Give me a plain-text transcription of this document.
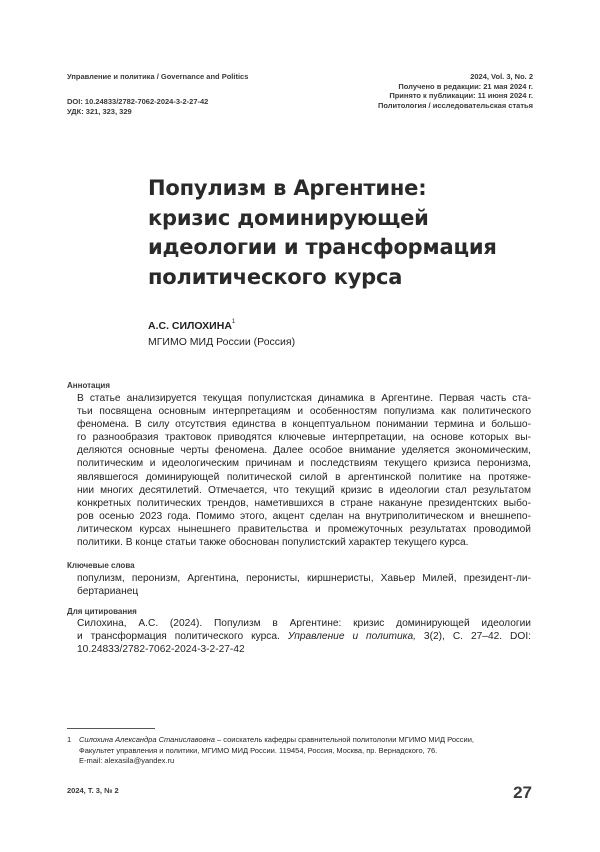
Управление и политика / Governance and Politics
DOI: 10.24833/2782-7062-2024-3-2-27-42
УДК: 321, 323, 329
2024, Vol. 3, No. 2
Получено в редакции: 21 мая 2024 г.
Принято к публикации: 11 июня 2024 г.
Политология / исследовательская статья
Популизм в Аргентине:
кризис доминирующей
идеологии и трансформация
политического курса
А.С. СИЛОХИНА$^1$
МГИМО МИД России (Россия)
Аннотация
В статье анализируется текущая популистская динамика в Аргентине. Первая часть ста-
тьи посвящена основным интерпретациям и особенностям популизма как политического
феномена. В силу отсутствия единства в концептуальном понимании термина и большо-
го разнообразия трактовок приводятся ключевые интерпретации, на основе которых вы-
деляются основные черты феномена. Далее особое внимание уделяется экономическим,
политическим и идеологическим причинам и последствиям текущего кризиса перонизма,
являвшегося доминирующей политической силой в аргентинской политике на протяже-
нии многих десятилетий. Отмечается, что текущий кризис в идеологии стал результатом
конкретных политических трендов, наметившихся в стране накануне президентских выбо-
ров осенью 2023 года. Помимо этого, акцент сделан на внутриполитическом и внешнепо-
литическом курсах нынешнего правительства и промежуточных результатах проводимой
политики. В конце статьи также обоснован популистский характер текущего курса.
Ключевые слова
популизм, перонизм, Аргентина, перонисты, киршнеристы, Хавьер Милей, президент-ли-
бертарианец
Для цитирования
Силохина, А.С. (2024). Популизм в Аргентине: кризис доминирующей идеологии
и трансформация политического курса. Управление и политика, 3(2), С. 27–42. DOI:
10.24833/2782-7062-2024-3-2-27-42
1 Силохина Александра Станиславовна – соискатель кафедры сравнительной политологии МГИМО МИД России,
Факультет управления и политики, МГИМО МИД России. 119454, Россия, Москва, пр. Вернадского, 76.
E-mail: alexasila@yandex.ru
2024, Т. 3, № 2	27
